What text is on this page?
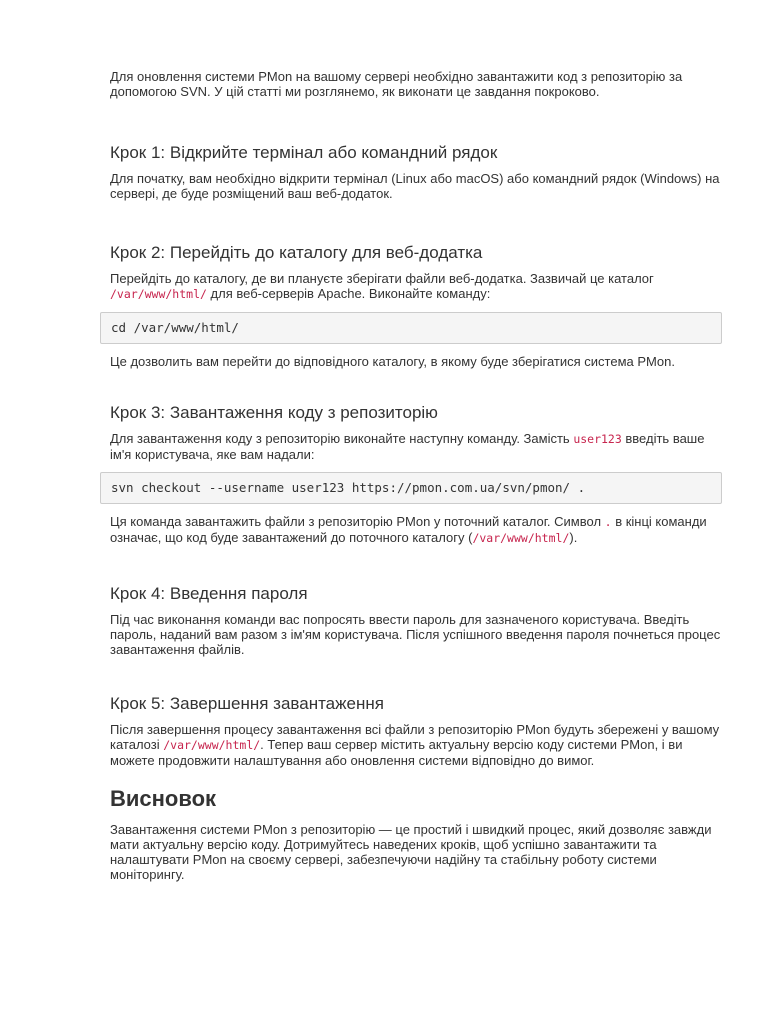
Для оновлення системи PMon на вашому сервері необхідно завантажити код з репозиторію за допомогою SVN. У цій статті ми розглянемо, як виконати це завдання покроково.

Крок 1: Відкрийте термінал або командний рядок

Для початку, вам необхідно відкрити термінал (Linux або macOS) або командний рядок (Windows) на сервері, де буде розміщений ваш веб-додаток.

Крок 2: Перейдіть до каталогу для веб-додатка

Перейдіть до каталогу, де ви плануєте зберігати файли веб-додатка. Зазвичай це каталог /var/www/html/ для веб-серверів Apache. Виконайте команду:

cd /var/www/html/

Це дозволить вам перейти до відповідного каталогу, в якому буде зберігатися система PMon.

Крок 3: Завантаження коду з репозиторію

Для завантаження коду з репозиторію виконайте наступну команду. Замість user123 введіть ваше ім'я користувача, яке вам надали:

svn checkout --username user123 https://pmon.com.ua/svn/pmon/ .

Ця команда завантажить файли з репозиторію PMon у поточний каталог. Символ . в кінці команди означає, що код буде завантажений до поточного каталогу (/var/www/html/).

Крок 4: Введення пароля

Під час виконання команди вас попросять ввести пароль для зазначеного користувача. Введіть пароль, наданий вам разом з ім'ям користувача. Після успішного введення пароля почнеться процес завантаження файлів.

Крок 5: Завершення завантаження

Після завершення процесу завантаження всі файли з репозиторію PMon будуть збережені у вашому каталозі /var/www/html/. Тепер ваш сервер містить актуальну версію коду системи PMon, і ви можете продовжити налаштування або оновлення системи відповідно до вимог.

Висновок

Завантаження системи PMon з репозиторію — це простий і швидкий процес, який дозволяє завжди мати актуальну версію коду. Дотримуйтесь наведених кроків, щоб успішно завантажити та налаштувати PMon на своєму сервері, забезпечуючи надійну та стабільну роботу системи моніторингу.
